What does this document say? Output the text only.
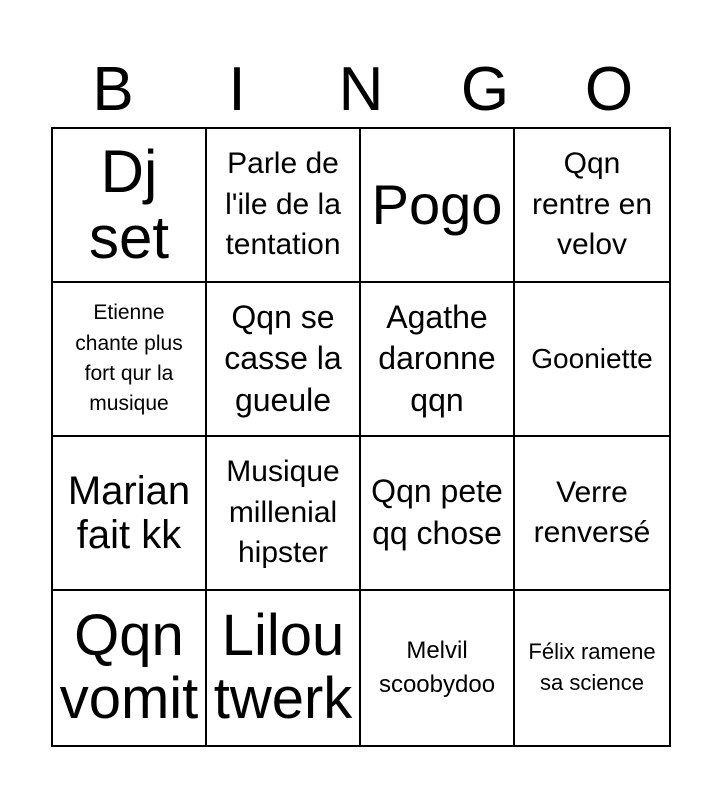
B	I	N	G	O
Dj set
Parle de l'ile de la tentation
Pogo
Qqn rentre en velov
Etienne chante plus fort qur la musique
Qqn se casse la gueule
Agathe daronne qqn
Gooniette
Marian fait kk
Musique millenial hipster
Qqn pete qq chose
Verre renversé
Qqn vomit
Lilou twerk
Melvil scoobydoo
Félix ramene sa science
